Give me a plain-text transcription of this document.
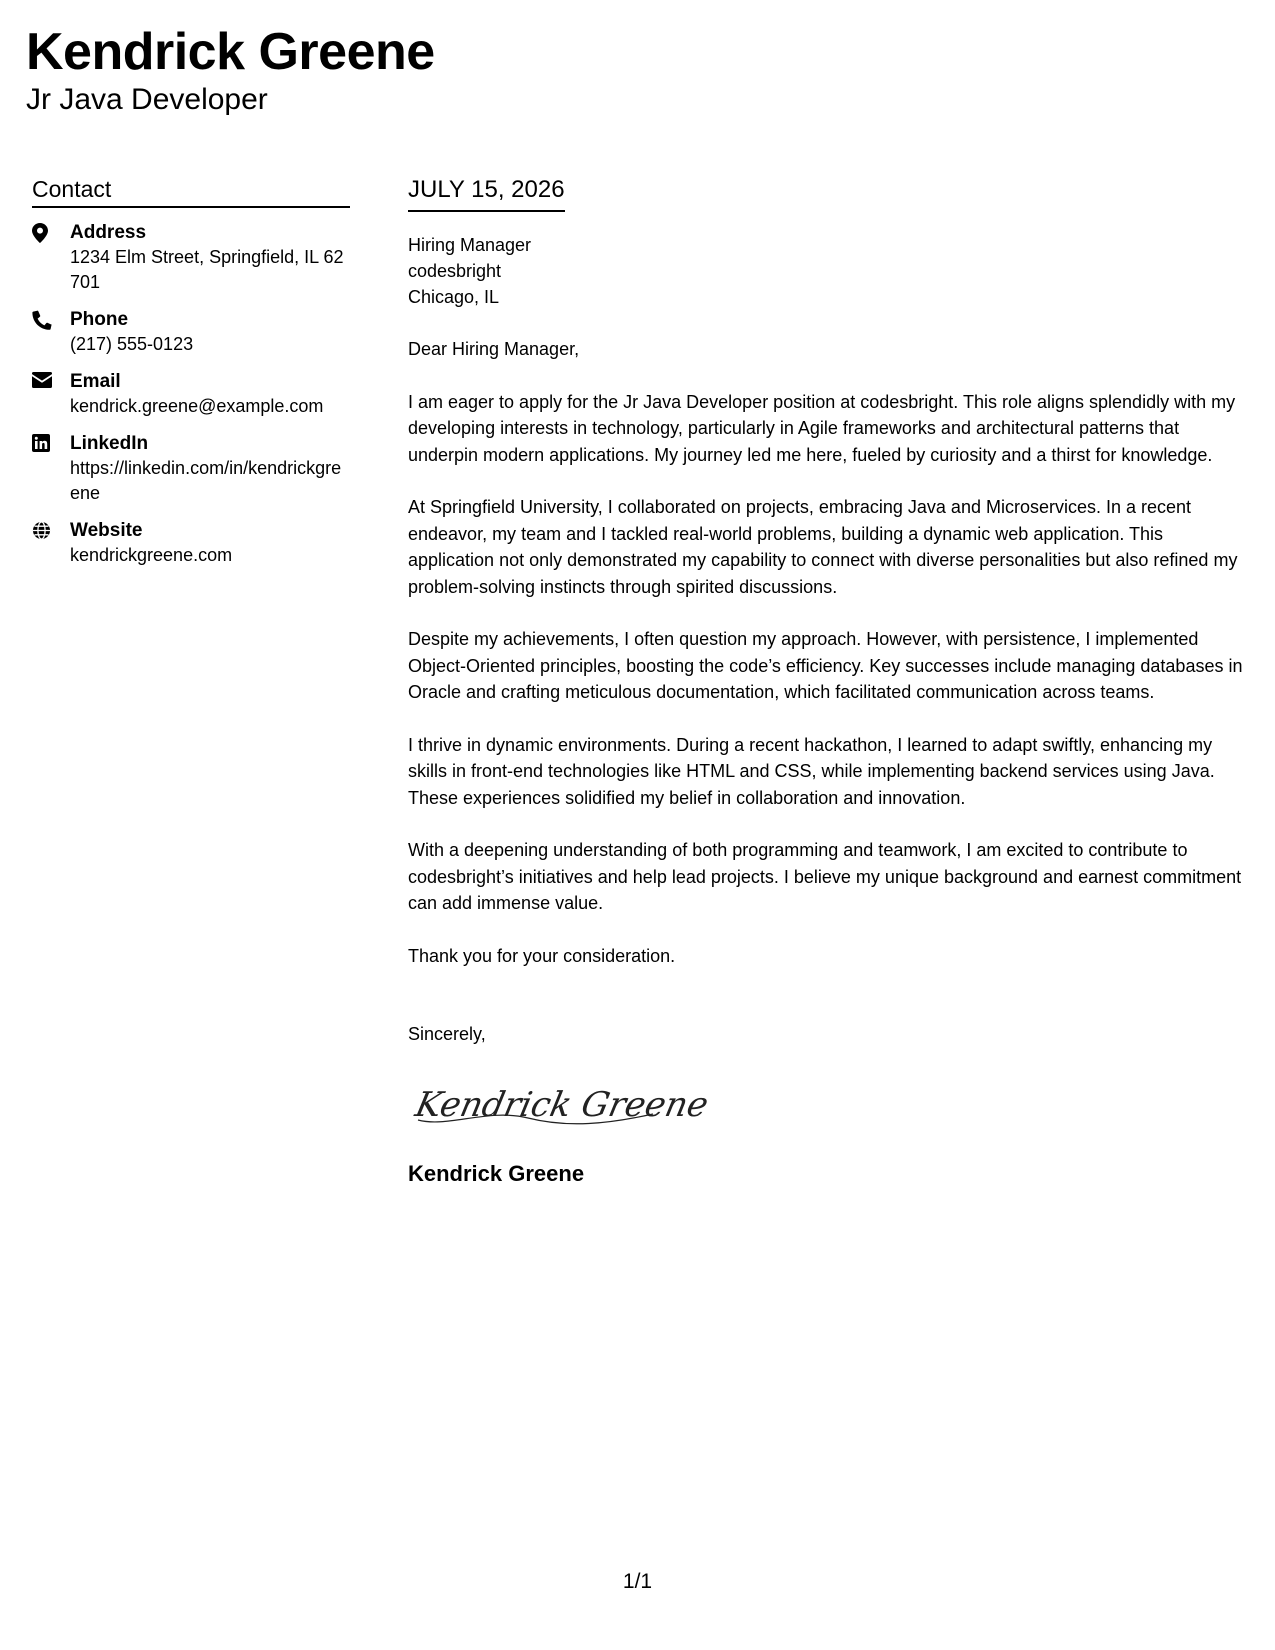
Kendrick Greene
Jr Java Developer
Contact
Address
1234 Elm Street, Springfield, IL 62701
Phone
(217) 555-0123
Email
kendrick.greene@example.com
LinkedIn
https://linkedin.com/in/kendrickgreene
Website
kendrickgreene.com
JULY 15, 2026
Hiring Manager
codesbright
Chicago, IL

Dear Hiring Manager,

I am eager to apply for the Jr Java Developer position at codesbright. This role aligns splendidly with my developing interests in technology, particularly in Agile frameworks and architectural patterns that underpin modern applications. My journey led me here, fueled by curiosity and a thirst for knowledge.

At Springfield University, I collaborated on projects, embracing Java and Microservices. In a recent endeavor, my team and I tackled real-world problems, building a dynamic web application. This application not only demonstrated my capability to connect with diverse personalities but also refined my problem-solving instincts through spirited discussions.

Despite my achievements, I often question my approach. However, with persistence, I implemented Object-Oriented principles, boosting the code’s efficiency. Key successes include managing databases in Oracle and crafting meticulous documentation, which facilitated communication across teams.

I thrive in dynamic environments. During a recent hackathon, I learned to adapt swiftly, enhancing my skills in front-end technologies like HTML and CSS, while implementing backend services using Java. These experiences solidified my belief in collaboration and innovation.

With a deepening understanding of both programming and teamwork, I am excited to contribute to codesbright’s initiatives and help lead projects. I believe my unique background and earnest commitment can add immense value.

Thank you for your consideration.

Sincerely,

Kendrick Greene
Kendrick Greene
1/1
